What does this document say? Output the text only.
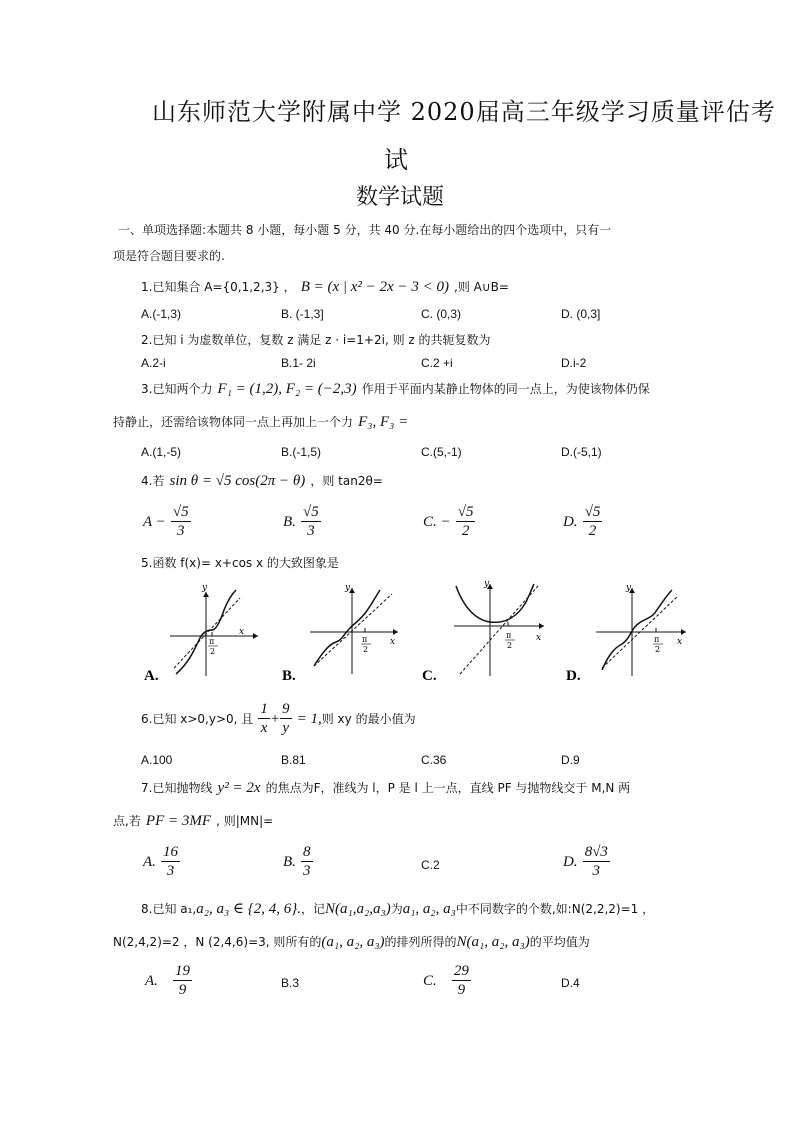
山东师范大学附属中学 2020届高三年级学习质量评估考
试
数学试题
一、单项选择题:本题共 8 小题，每小题 5 分，共 40 分.在每小题给出的四个选项中，只有一
项是符合题目要求的.
1.已知集合 A={0,1,2,3} ， B = (x | x² − 2x − 3 < 0) ,则 A∪B=
A.(-1,3)	B. (-1,3]	C. (0,3)	D. (0,3]
2.已知 i 为虚数单位，复数 z 满足 z · i=1+2i, 则 z 的共轭复数为
A.2-i	B.1- 2i	C.2 +i	D.i-2
3.已知两个力 F₁ = (1,2), F₂ = (−2,3) 作用于平面内某静止物体的同一点上，为使该物体仍保
持静止，还需给该物体同一点上再加上一个力 F₃, F₃ =
A.(1,-5)	B.(-1,5)	C.(5,-1)	D.(-5,1)
4.若 sin θ = √5 cos(2π − θ) ，则 tan2θ=
$A - \frac{√5}{3}$	B. $\frac{√5}{3}$	C. − $\frac{√5}{2}$	D. $\frac{√5}{2}$
5.函数 f(x)= x+cos x 的大致图象是
y
x
π
2
A.
y
x
π
2
B.
y
x
π
2
C.
y
x
π
2
D.
6.已知 x>0,y>0, 且 $\frac{1}{x} + \frac{9}{y} = 1$,则 xy 的最小值为
A.100	B.81	C.36	D.9
7.已知抛物线 y² = 2x 的焦点为F，准线为 l，P 是 l 上一点，直线 PF 与抛物线交于 M,N 两
点,若 PF = 3MF , 则|MN|=
A. $\frac{16}{3}$	B. $\frac{8}{3}$	C.2	D. $\frac{8√3}{3}$
8.已知 a₁,a₂, a₃ ∈ {2, 4, 6}.，记N(a₁,a₂,a₃)为a₁, a₂, a₃中不同数字的个数,如:N(2,2,2)=1 ，
N(2,4,2)=2 ，N (2,4,6)=3, 则所有的(a₁, a₂, a₃)的排列所得的N(a₁, a₂, a₃)的平均值为
A. $\frac{19}{9}$	B.3	C. $\frac{29}{9}$	D.4
